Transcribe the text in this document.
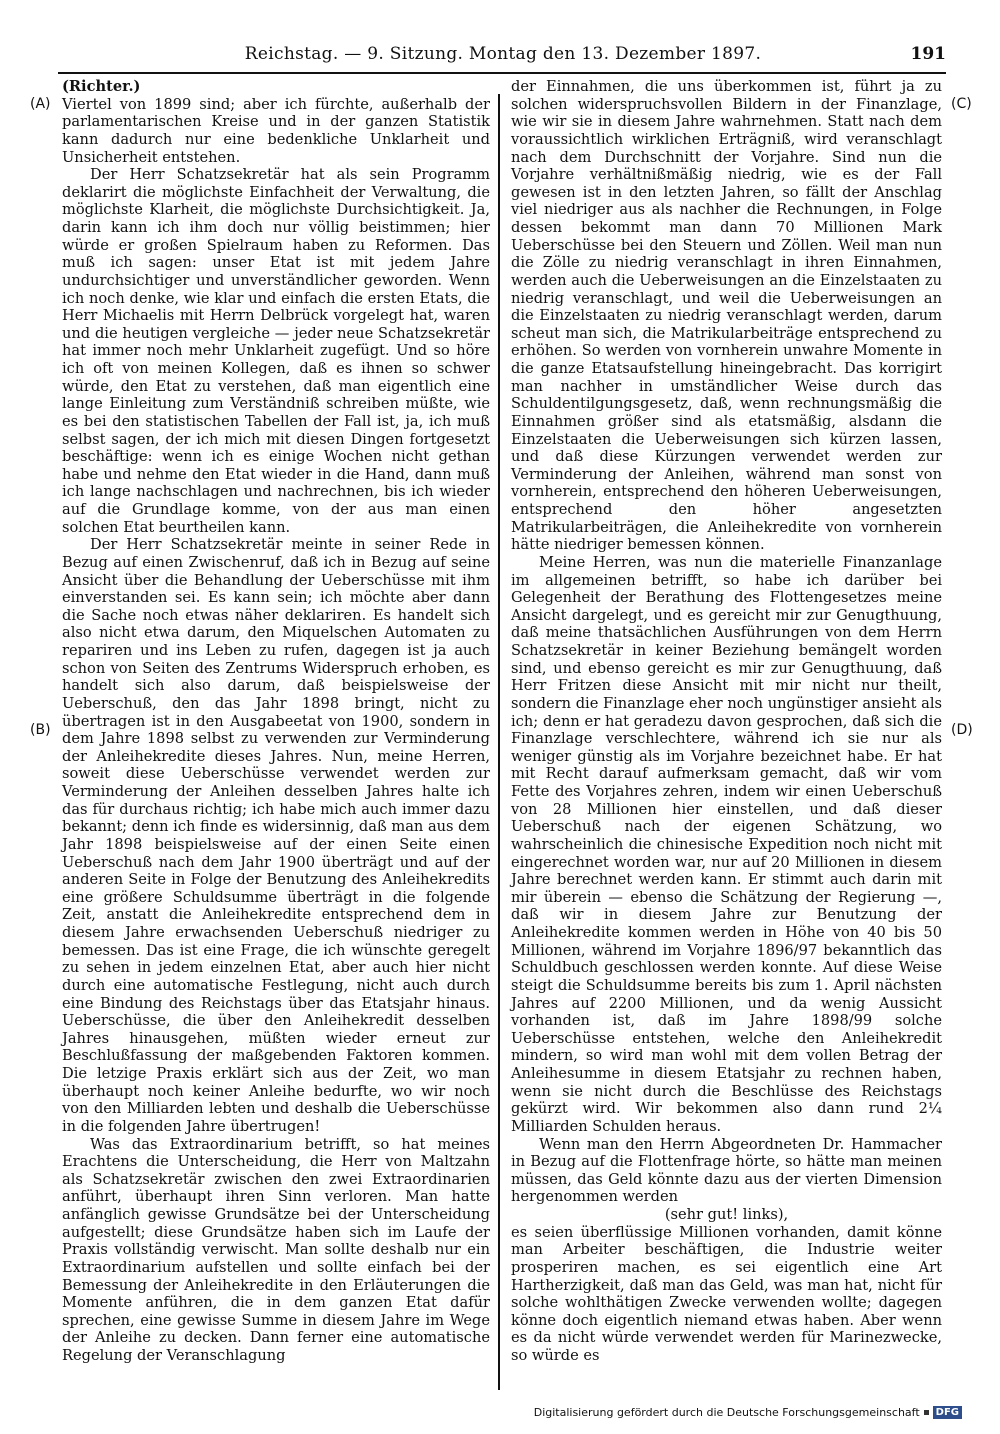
Reichstag. — 9. Sitzung. Montag den 13. Dezember 1897.	191
(A)
(B)
(C)
(D)
(Richter.)

Viertel von 1899 sind; aber ich fürchte, außerhalb der parlamentarischen Kreise und in der ganzen Statistik kann dadurch nur eine bedenkliche Unklarheit und Unsicherheit entstehen.

Der Herr Schatzsekretär hat als sein Programm deklarirt die möglichste Einfachheit der Verwaltung, die möglichste Klarheit, die möglichste Durchsichtigkeit. Ja, darin kann ich ihm doch nur völlig beistimmen; hier würde er großen Spielraum haben zu Reformen. Das muß ich sagen: unser Etat ist mit jedem Jahre undurchsichtiger und unverständlicher geworden. Wenn ich noch denke, wie klar und einfach die ersten Etats, die Herr Michaelis mit Herrn Delbrück vorgelegt hat, waren und die heutigen vergleiche — jeder neue Schatzsekretär hat immer noch mehr Unklarheit zugefügt. Und so höre ich oft von meinen Kollegen, daß es ihnen so schwer würde, den Etat zu verstehen, daß man eigentlich eine lange Einleitung zum Verständniß schreiben müßte, wie es bei den statistischen Tabellen der Fall ist, ja, ich muß selbst sagen, der ich mich mit diesen Dingen fortgesetzt beschäftige: wenn ich es einige Wochen nicht gethan habe und nehme den Etat wieder in die Hand, dann muß ich lange nachschlagen und nachrechnen, bis ich wieder auf die Grundlage komme, von der aus man einen solchen Etat beurtheilen kann.

Der Herr Schatzsekretär meinte in seiner Rede in Bezug auf einen Zwischenruf, daß ich in Bezug auf seine Ansicht über die Behandlung der Ueberschüsse mit ihm einverstanden sei. Es kann sein; ich möchte aber dann die Sache noch etwas näher deklariren. Es handelt sich also nicht etwa darum, den Miquelschen Automaten zu repariren und ins Leben zu rufen, dagegen ist ja auch schon von Seiten des Zentrums Widerspruch erhoben, es handelt sich also darum, daß beispielsweise der Ueberschuß, den das Jahr 1898 bringt, nicht zu übertragen ist in den Ausgabeetat von 1900, sondern in dem Jahre 1898 selbst zu verwenden zur Verminderung der Anleihekredite dieses Jahres. Nun, meine Herren, soweit diese Ueberschüsse verwendet werden zur Verminderung der Anleihen desselben Jahres halte ich das für durchaus richtig; ich habe mich auch immer dazu bekannt; denn ich finde es widersinnig, daß man aus dem Jahr 1898 beispielsweise auf der einen Seite einen Ueberschuß nach dem Jahr 1900 überträgt und auf der anderen Seite in Folge der Benutzung des Anleihekredits eine größere Schuldsumme überträgt in die folgende Zeit, anstatt die Anleihekredite entsprechend dem in diesem Jahre erwachsenden Ueberschuß niedriger zu bemessen. Das ist eine Frage, die ich wünschte geregelt zu sehen in jedem einzelnen Etat, aber auch hier nicht durch eine automatische Festlegung, nicht auch durch eine Bindung des Reichstags über das Etatsjahr hinaus. Ueberschüsse, die über den Anleihekredit desselben Jahres hinausgehen, müßten wieder erneut zur Beschlußfassung der maßgebenden Faktoren kommen. Die letzige Praxis erklärt sich aus der Zeit, wo man überhaupt noch keiner Anleihe bedurfte, wo wir noch von den Milliarden lebten und deshalb die Ueberschüsse in die folgenden Jahre übertrugen!

Was das Extraordinarium betrifft, so hat meines Erachtens die Unterscheidung, die Herr von Maltzahn als Schatzsekretär zwischen den zwei Extraordinarien anführt, überhaupt ihren Sinn verloren. Man hatte anfänglich gewisse Grundsätze bei der Unterscheidung aufgestellt; diese Grundsätze haben sich im Laufe der Praxis vollständig verwischt. Man sollte deshalb nur ein Extraordinarium aufstellen und sollte einfach bei der Bemessung der Anleihekredite in den Erläuterungen die Momente anführen, die in dem ganzen Etat dafür sprechen, eine gewisse Summe in diesem Jahre im Wege der Anleihe zu decken. Dann ferner eine automatische Regelung der Veranschlagung

der Einnahmen, die uns überkommen ist, führt ja zu solchen widerspruchsvollen Bildern in der Finanzlage, wie wir sie in diesem Jahre wahrnehmen. Statt nach dem voraussichtlich wirklichen Erträgniß, wird veranschlagt nach dem Durchschnitt der Vorjahre. Sind nun die Vorjahre verhältnißmäßig niedrig, wie es der Fall gewesen ist in den letzten Jahren, so fällt der Anschlag viel niedriger aus als nachher die Rechnungen, in Folge dessen bekommt man dann 70 Millionen Mark Ueberschüsse bei den Steuern und Zöllen. Weil man nun die Zölle zu niedrig veranschlagt in ihren Einnahmen, werden auch die Ueberweisungen an die Einzelstaaten zu niedrig veranschlagt, und weil die Ueberweisungen an die Einzelstaaten zu niedrig veranschlagt werden, darum scheut man sich, die Matrikularbeiträge entsprechend zu erhöhen. So werden von vornherein unwahre Momente in die ganze Etatsaufstellung hineingebracht. Das korrigirt man nachher in umständlicher Weise durch das Schuldentilgungsgesetz, daß, wenn rechnungsmäßig die Einnahmen größer sind als etatsmäßig, alsdann die Einzelstaaten die Ueberweisungen sich kürzen lassen, und daß diese Kürzungen verwendet werden zur Verminderung der Anleihen, während man sonst von vornherein, entsprechend den höheren Ueberweisungen, entsprechend den höher angesetzten Matrikularbeiträgen, die Anleihekredite von vornherein hätte niedriger bemessen können.

Meine Herren, was nun die materielle Finanzanlage im allgemeinen betrifft, so habe ich darüber bei Gelegenheit der Berathung des Flottengesetzes meine Ansicht dargelegt, und es gereicht mir zur Genugthuung, daß meine thatsächlichen Ausführungen von dem Herrn Schatzsekretär in keiner Beziehung bemängelt worden sind, und ebenso gereicht es mir zur Genugthuung, daß Herr Fritzen diese Ansicht mit mir nicht nur theilt, sondern die Finanzlage eher noch ungünstiger ansieht als ich; denn er hat geradezu davon gesprochen, daß sich die Finanzlage verschlechtere, während ich sie nur als weniger günstig als im Vorjahre bezeichnet habe. Er hat mit Recht darauf aufmerksam gemacht, daß wir vom Fette des Vorjahres zehren, indem wir einen Ueberschuß von 28 Millionen hier einstellen, und daß dieser Ueberschuß nach der eigenen Schätzung, wo wahrscheinlich die chinesische Expedition noch nicht mit eingerechnet worden war, nur auf 20 Millionen in diesem Jahre berechnet werden kann. Er stimmt auch darin mit mir überein — ebenso die Schätzung der Regierung —, daß wir in diesem Jahre zur Benutzung der Anleihekredite kommen werden in Höhe von 40 bis 50 Millionen, während im Vorjahre 1896/97 bekanntlich das Schuldbuch geschlossen werden konnte. Auf diese Weise steigt die Schuldsumme bereits bis zum 1. April nächsten Jahres auf 2200 Millionen, und da wenig Aussicht vorhanden ist, daß im Jahre 1898/99 solche Ueberschüsse entstehen, welche den Anleihekredit mindern, so wird man wohl mit dem vollen Betrag der Anleihesumme in diesem Etatsjahr zu rechnen haben, wenn sie nicht durch die Beschlüsse des Reichstags gekürzt wird. Wir bekommen also dann rund 2¼ Milliarden Schulden heraus.

Wenn man den Herrn Abgeordneten Dr. Hammacher in Bezug auf die Flottenfrage hörte, so hätte man meinen müssen, das Geld könnte dazu aus der vierten Dimension hergenommen werden

(sehr gut! links),

es seien überflüssige Millionen vorhanden, damit könne man Arbeiter beschäftigen, die Industrie weiter prosperiren machen, es sei eigentlich eine Art Hartherzigkeit, daß man das Geld, was man hat, nicht für solche wohlthätigen Zwecke verwenden wollte; dagegen könne doch eigentlich niemand etwas haben. Aber wenn es da nicht würde verwendet werden für Marinezwecke, so würde es

Digitalisierung gefördert durch die Deutsche Forschungsgemeinschaft	DFG
